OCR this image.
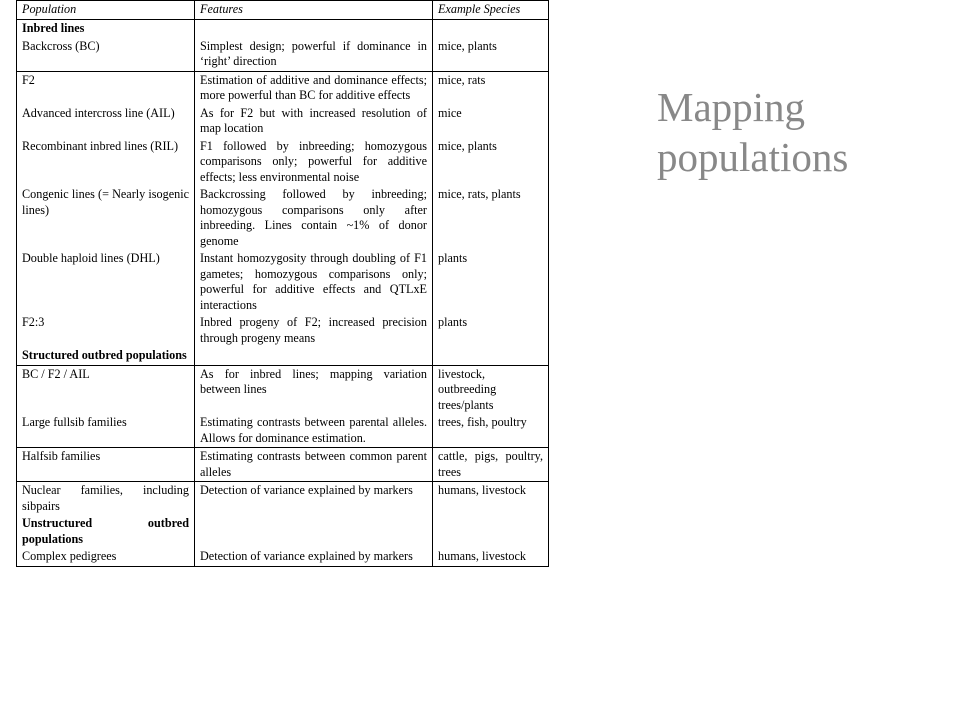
Population	Features	Example Species
Inbred lines		
Backcross (BC)	Simplest design; powerful if dominance in ‘right’ direction	mice, plants
F2	Estimation of additive and dominance effects; more powerful than BC for additive effects	mice, rats
Advanced intercross line (AIL)	As for F2 but with increased resolution of map location	mice
Recombinant inbred lines (RIL)	F1 followed by inbreeding; homozygous comparisons only; powerful for additive effects; less environmental noise	mice, plants
Congenic lines (= Nearly isogenic lines)	Backcrossing followed by inbreeding; homozygous comparisons only after inbreeding. Lines contain ~1% of donor genome	mice, rats, plants
Double haploid lines (DHL)	Instant homozygosity through doubling of F1 gametes; homozygous comparisons only; powerful for additive effects and QTLxE interactions	plants
F2:3	Inbred progeny of F2; increased precision through progeny means	plants
Structured outbred populations		
BC / F2 / AIL	As for inbred lines; mapping variation between lines	livestock, outbreeding trees/plants
Large fullsib families	Estimating contrasts between parental alleles. Allows for dominance estimation.	trees, fish, poultry
Halfsib families	Estimating contrasts between common parent alleles	cattle, pigs, poultry, trees
Nuclear families, including sibpairs	Detection of variance explained by markers	humans, livestock
Unstructured outbred populations		
Complex pedigrees	Detection of variance explained by markers	humans, livestock
Mapping populations
